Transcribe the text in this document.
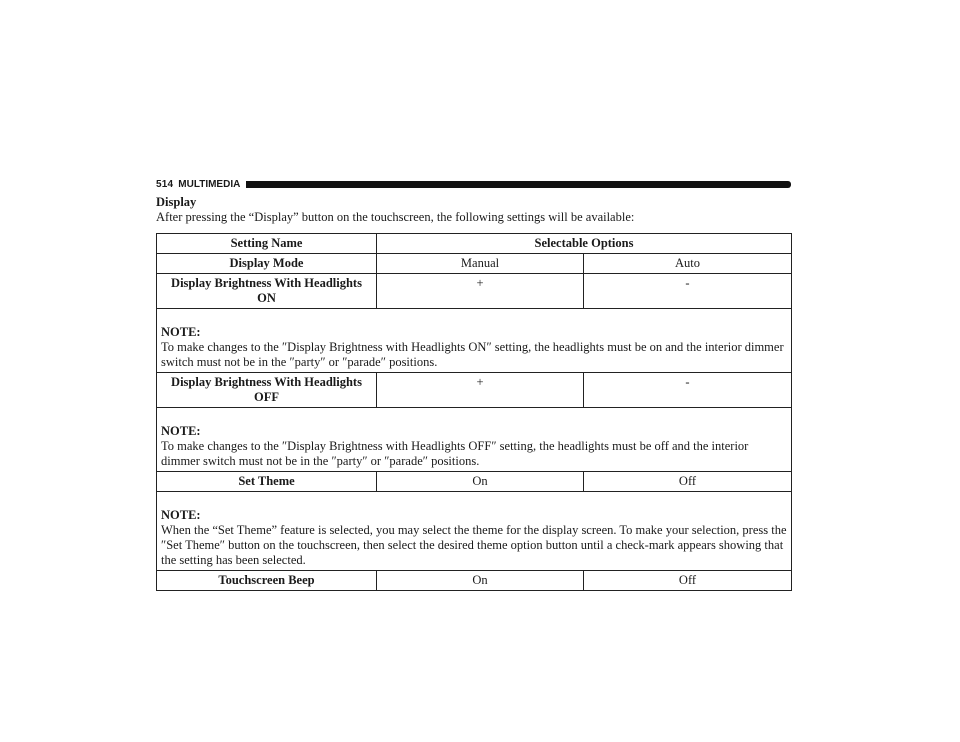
514 MULTIMEDIA
Display
After pressing the “Display” button on the touchscreen, the following settings will be available:
Setting Name	Selectable Options	
Display Mode	Manual	Auto
Display Brightness With Headlights ON	+	-

NOTE:
To make changes to the ″Display Brightness with Headlights ON″ setting, the headlights must be on and the interior dimmer switch must not be in the ″party″ or ″parade″ positions.		
Display Brightness With Headlights OFF	+	-

NOTE:
To make changes to the ″Display Brightness with Headlights OFF″ setting, the headlights must be off and the interior dimmer switch must not be in the ″party″ or ″parade″ positions.		
Set Theme	On	Off

NOTE:
When the “Set Theme” feature is selected, you may select the theme for the display screen. To make your selection, press the ″Set Theme″ button on the touchscreen, then select the desired theme option button until a check-mark appears showing that the setting has been selected.		
Touchscreen Beep	On	Off
